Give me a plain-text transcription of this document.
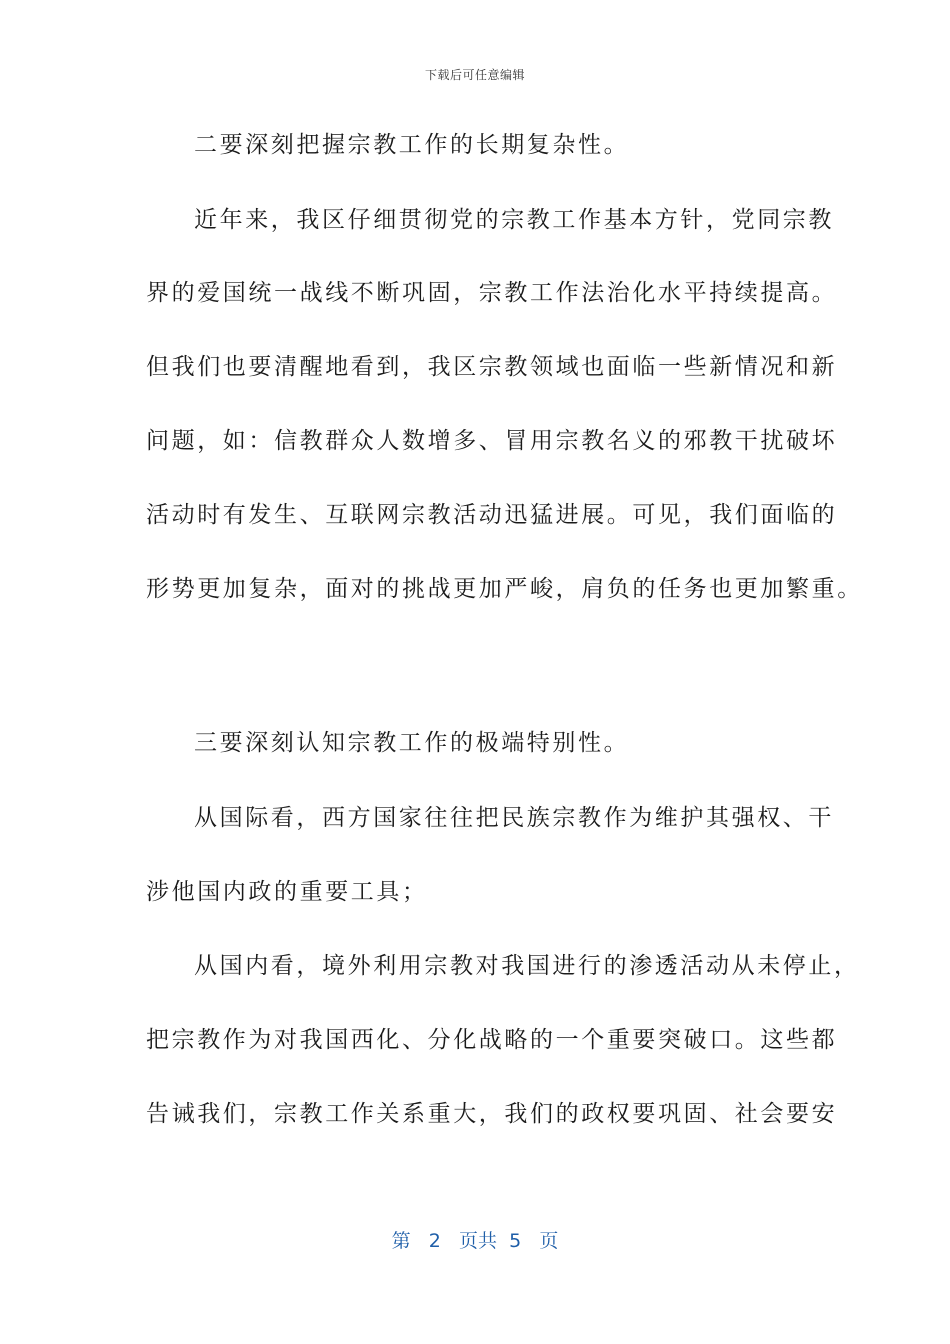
下载后可任意编辑
二要深刻把握宗教工作的长期复杂性。
近年来，我区仔细贯彻党的宗教工作基本方针，党同宗教
界的爱国统一战线不断巩固，宗教工作法治化水平持续提高。
但我们也要清醒地看到，我区宗教领域也面临一些新情况和新
问题，如：信教群众人数增多、冒用宗教名义的邪教干扰破坏
活动时有发生、互联网宗教活动迅猛进展。可见，我们面临的
形势更加复杂，面对的挑战更加严峻，肩负的任务也更加繁重。
三要深刻认知宗教工作的极端特别性。
从国际看，西方国家往往把民族宗教作为维护其强权、干
涉他国内政的重要工具；
从国内看，境外利用宗教对我国进行的渗透活动从未停止，
把宗教作为对我国西化、分化战略的一个重要突破口。这些都
告诫我们，宗教工作关系重大，我们的政权要巩固、社会要安
第 2 页共 5 页
